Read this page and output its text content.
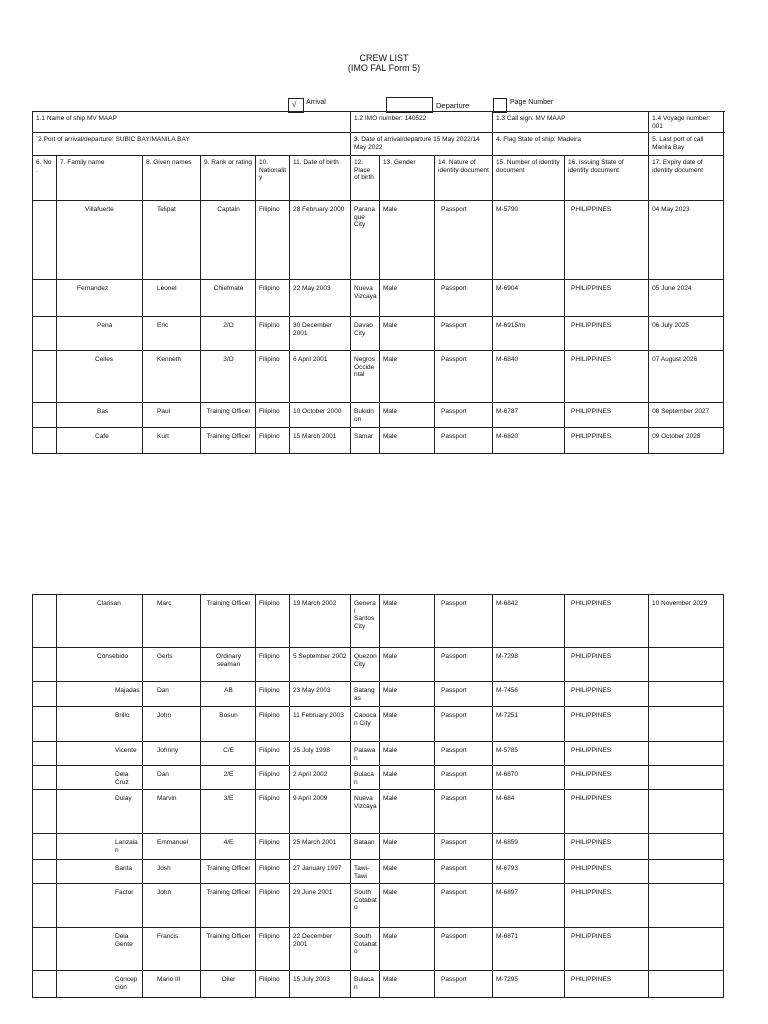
CREW LIST
(IMO FAL Form 5)
√ Arrival	Departure	Page Number
1.1 Name of ship MV MAAP						1.2 IMO number: 140522			1.3 Call sign: MV MAAP		1.4 Voyage number: 001
¨2.Port of arrival/departure: SUBIC BAY/MANILA BAY						3. Date of arrival/departure 15 May 2022/14 May 2022			4. Flag State of ship: Madeira		5. Last port of call Manila Bay
6. No .	7. Family name	8. Given names	9. Rank or rating	10. Nationality	11. Date of birth	12. Place of birth	13. Gender	14. Nature of identity document	15. Number of identity document	16. Issuing State of identity document	17. Expiry date of identity document
	Villafuerte	Telipat	Captain	Filipino	28 February 2000	Paranaque City	Male	Passport	M-5790	PHILIPPINES	04 May 2023
	Fernandez	Leonel	Chiefmate	Filipino	22 May 2003	Nueva Vizcaya	Male	Passport	M-6904	PHILIPPINES	05 June 2024
	Pena	Eric	2/O	Filipino	30 December 2001	Davao City	Male	Passport	M-6915/m	PHILIPPINES	06 July 2025
	Celles	Kenneth	3/O	Filipino	6 April 2001	Negros Occidental	Male	Passport	M-6840	PHILIPPINES	07 August 2026
	Bas	Paul	Training Officer	Filipino	10 October 2000	Bukidnon	Male	Passport	M-6787	PHILIPPINES	08 September 2027
	Cafe	Kurt	Training Officer	Filipino	15 March 2001	Samar	Male	Passport	M-6820	PHILIPPINES	09 October 2028
	Clarisan	Marc	Training Officer	Filipino	19 March 2002	General Santos City	Male	Passport	M-6842	PHILIPPINES	10 November 2029
	Consebido	Gerls	Ordinary seaman	Filipino	5 September 2002	Quezon City	Male	Passport	M-7298	PHILIPPINES	
	Majadas	Dan	AB	Filipino	23 May 2003	Batangas	Male	Passport	M-7456	PHILIPPINES	
	Brillo	John	Bosun	Filipino	11 February 2003	Caoocan City	Male	Passport	M-7251	PHILIPPINES	
	Vicente	Johnny	C/E	Filipino	25 July 1998	Palawan	Male	Passport	M-5785	PHILIPPINES	
	Dela Cruz	Dan	2/E	Filipino	2 April 2002	Bulacan	Male	Passport	M-6870	PHILIPPINES	
	Dulay	Marvin	3/E	Filipino	9 April 2009	Nueva Vizcaya	Male	Passport	M-684	PHILIPPINES	
	Lanzalan	Emmanuel	4/E	Filipino	25 March 2001	Bataan	Male	Passport	M-6859	PHILIPPINES	
	Banta	Josh	Training Officer	Filipino	27 January 1997	Tawi-Tawi	Male	Passport	M-6793	PHILIPPINES	
	Factor	John	Training Officer	Filipino	29 June 2001	South Cotabato	Male	Passport	M-6897	PHILIPPINES	
	Dela Gente	Francis	Training Officer	Filipino	22 December 2001	South Cotabato	Male	Passport	M-6871	PHILIPPINES	
	Concepcion	Mario III	Oiler	Filipino	15 July 2003	Bulacan	Male	Passport	M-7295	PHILIPPINES	
